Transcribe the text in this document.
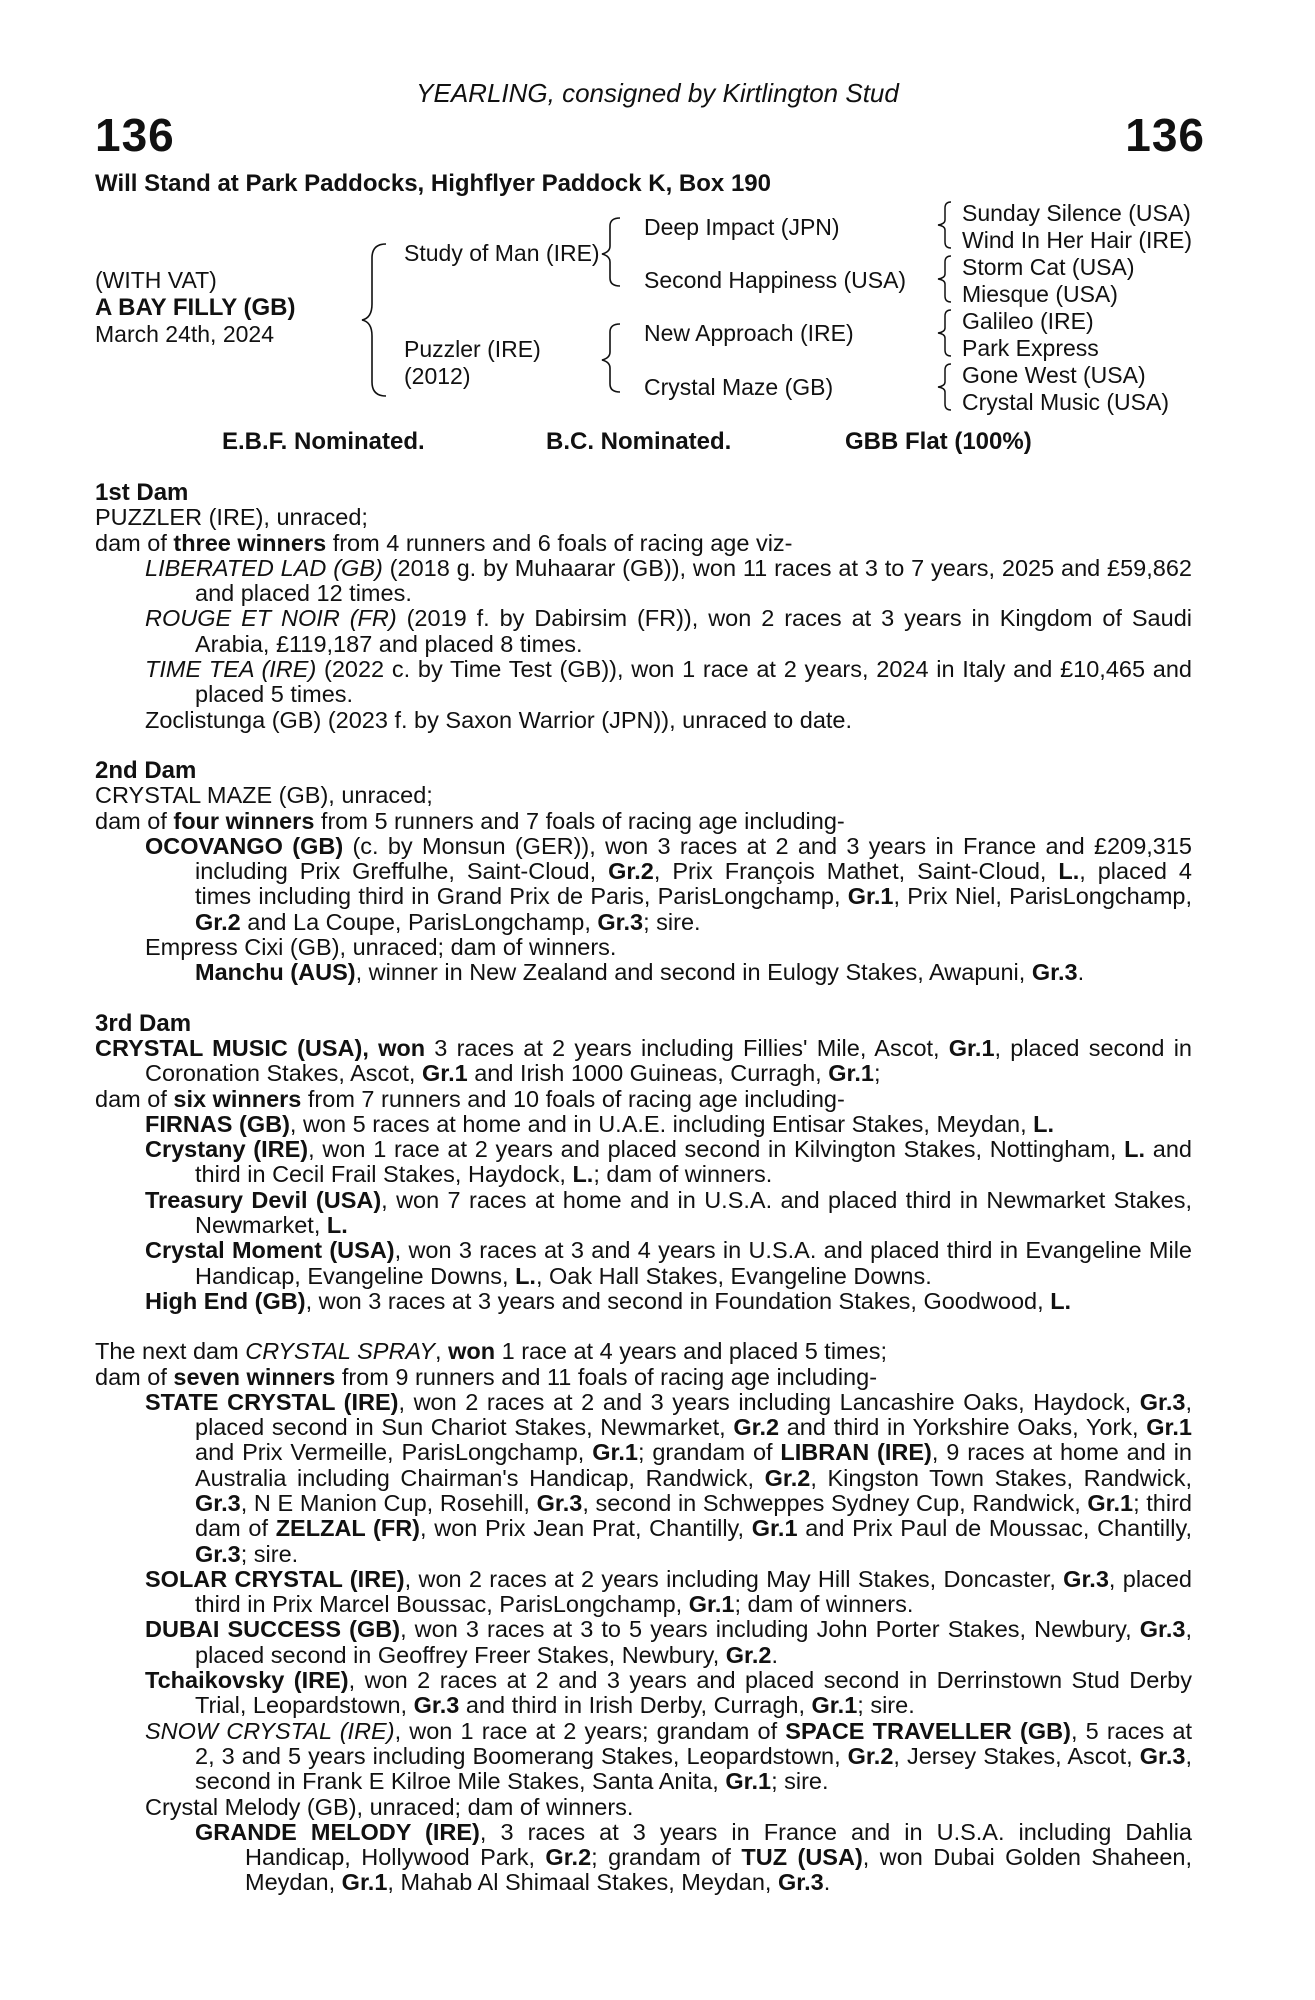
YEARLING, consigned by Kirtlington Stud
136	136
Will Stand at Park Paddocks, Highflyer Paddock K, Box 190
(WITH VAT)
A BAY FILLY (GB)
March 24th, 2024
Study of Man (IRE)
Puzzler (IRE)
(2012)
Deep Impact (JPN)
Second Happiness (USA)
New Approach (IRE)
Crystal Maze (GB)
Sunday Silence (USA)
Wind In Her Hair (IRE)
Storm Cat (USA)
Miesque (USA)
Galileo (IRE)
Park Express
Gone West (USA)
Crystal Music (USA)
E.B.F. Nominated.	B.C. Nominated.	GBB Flat (100%)

1st Dam

PUZZLER (IRE), unraced;

dam of three winners from 4 runners and 6 foals of racing age viz-

LIBERATED LAD (GB) (2018 g. by Muhaarar (GB)), won 11 races at 3 to 7 years, 2025 and £59,862 and placed 12 times.

ROUGE ET NOIR (FR) (2019 f. by Dabirsim (FR)), won 2 races at 3 years in Kingdom of Saudi Arabia, £119,187 and placed 8 times.

TIME TEA (IRE) (2022 c. by Time Test (GB)), won 1 race at 2 years, 2024 in Italy and £10,465 and placed 5 times.

Zoclistunga (GB) (2023 f. by Saxon Warrior (JPN)), unraced to date.

2nd Dam

CRYSTAL MAZE (GB), unraced;

dam of four winners from 5 runners and 7 foals of racing age including-

OCOVANGO (GB) (c. by Monsun (GER)), won 3 races at 2 and 3 years in France and £209,315 including Prix Greffulhe, Saint-Cloud, Gr.2, Prix François Mathet, Saint-Cloud, L., placed 4 times including third in Grand Prix de Paris, ParisLongchamp, Gr.1, Prix Niel, ParisLongchamp, Gr.2 and La Coupe, ParisLongchamp, Gr.3; sire.

Empress Cixi (GB), unraced; dam of winners.

Manchu (AUS), winner in New Zealand and second in Eulogy Stakes, Awapuni, Gr.3.

3rd Dam

CRYSTAL MUSIC (USA), won 3 races at 2 years including Fillies' Mile, Ascot, Gr.1, placed second in Coronation Stakes, Ascot, Gr.1 and Irish 1000 Guineas, Curragh, Gr.1;

dam of six winners from 7 runners and 10 foals of racing age including-

FIRNAS (GB), won 5 races at home and in U.A.E. including Entisar Stakes, Meydan, L.

Crystany (IRE), won 1 race at 2 years and placed second in Kilvington Stakes, Nottingham, L. and third in Cecil Frail Stakes, Haydock, L.; dam of winners.

Treasury Devil (USA), won 7 races at home and in U.S.A. and placed third in Newmarket Stakes, Newmarket, L.

Crystal Moment (USA), won 3 races at 3 and 4 years in U.S.A. and placed third in Evangeline Mile Handicap, Evangeline Downs, L., Oak Hall Stakes, Evangeline Downs.

High End (GB), won 3 races at 3 years and second in Foundation Stakes, Goodwood, L.

The next dam CRYSTAL SPRAY, won 1 race at 4 years and placed 5 times;

dam of seven winners from 9 runners and 11 foals of racing age including-

STATE CRYSTAL (IRE), won 2 races at 2 and 3 years including Lancashire Oaks, Haydock, Gr.3, placed second in Sun Chariot Stakes, Newmarket, Gr.2 and third in Yorkshire Oaks, York, Gr.1 and Prix Vermeille, ParisLongchamp, Gr.1; grandam of LIBRAN (IRE), 9 races at home and in Australia including Chairman's Handicap, Randwick, Gr.2, Kingston Town Stakes, Randwick, Gr.3, N E Manion Cup, Rosehill, Gr.3, second in Schweppes Sydney Cup, Randwick, Gr.1; third dam of ZELZAL (FR), won Prix Jean Prat, Chantilly, Gr.1 and Prix Paul de Moussac, Chantilly, Gr.3; sire.

SOLAR CRYSTAL (IRE), won 2 races at 2 years including May Hill Stakes, Doncaster, Gr.3, placed third in Prix Marcel Boussac, ParisLongchamp, Gr.1; dam of winners.

DUBAI SUCCESS (GB), won 3 races at 3 to 5 years including John Porter Stakes, Newbury, Gr.3, placed second in Geoffrey Freer Stakes, Newbury, Gr.2.

Tchaikovsky (IRE), won 2 races at 2 and 3 years and placed second in Derrinstown Stud Derby Trial, Leopardstown, Gr.3 and third in Irish Derby, Curragh, Gr.1; sire.

SNOW CRYSTAL (IRE), won 1 race at 2 years; grandam of SPACE TRAVELLER (GB), 5 races at 2, 3 and 5 years including Boomerang Stakes, Leopardstown, Gr.2, Jersey Stakes, Ascot, Gr.3, second in Frank E Kilroe Mile Stakes, Santa Anita, Gr.1; sire.

Crystal Melody (GB), unraced; dam of winners.

GRANDE MELODY (IRE), 3 races at 3 years in France and in U.S.A. including Dahlia Handicap, Hollywood Park, Gr.2; grandam of TUZ (USA), won Dubai Golden Shaheen, Meydan, Gr.1, Mahab Al Shimaal Stakes, Meydan, Gr.3.
